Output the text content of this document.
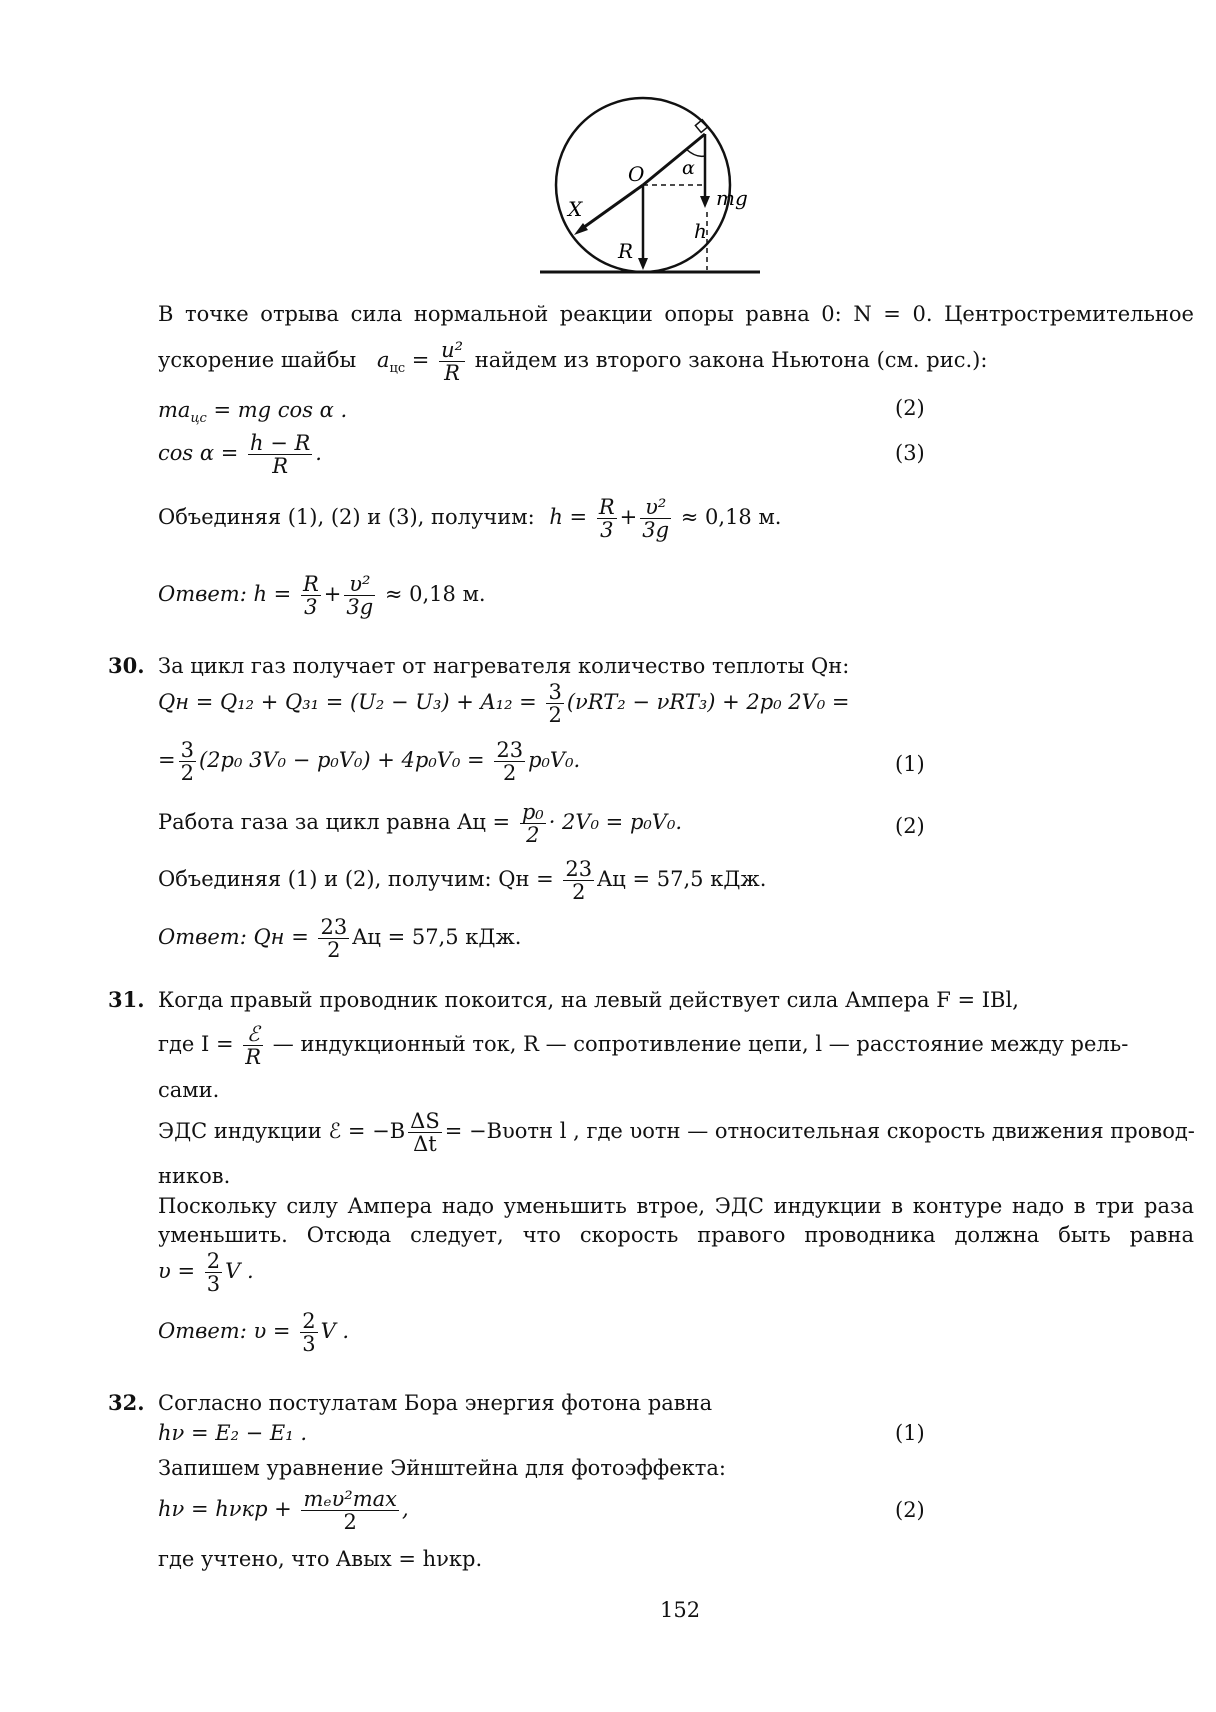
O α
X	mg
h
R
В точке отрыва сила нормальной реакции опоры равна 0: N = 0. Центростремительное
ускорение шайбы $a_{цс} = \frac{\text{u²}}{R}$ найдем из второго закона Ньютона (см. рис.):
$ma_{цс}$ = mg cos α .	(2)
$\cos \alpha = \frac{h - R}{R}$ .	(3)
Объединяя (1), (2) и (3), получим: $h = \frac{R}{3} + \frac{\text{υ²}}{3g} \approx 0,18$ м.
Ответ: $h = \frac{R}{3} + \frac{\text{υ²}}{3g} \approx 0,18$ м.
30. За цикл газ получает от нагревателя количество теплоты Qн:
Qн = $Q_{12} + Q_{31} = (U_2 - U_3) + A_{12} = \frac{3}{2} (\nu RT_2 - \nu RT_3) + 2p_0$ 2V₀ =
= $\frac{3}{2} (2p_0$ $3V_0 - p_0V_0) + 4p_0V_0 = \frac{23}{2} p_0V_0$.	(1)
Работа газа за цикл равна Aц = $\frac{\text{p₀}}{2} \cdot 2V_0 = p_0V_0$.	(2)
Объединяя (1) и (2), получим: Qн = $\frac{23}{2}$ Aц = 57,5 кДж.
Ответ: Qн = $\frac{23}{2}$ Aц = 57,5 кДж.
31. Когда правый проводник покоится, на левый действует сила Ампера F = IBl,
где $I = \frac{\text{ℰ}}{R}$ — индукционный ток, R — сопротивление цепи, l — расстояние между рель-
сами.
ЭДС индукции ℰ = $-B \frac{\Delta S}{\Delta t} = -B\upsilon отн$ l , где υотн — относительная скорость движения провод-
ников.
Поскольку силу Ампера надо уменьшить втрое, ЭДС индукции в контуре надо в три раза
уменьшить. Отсюда следует, что скорость правого проводника должна быть равна
$\upsilon = \frac{2}{3}$ V .
Ответ: $\upsilon = \frac{2}{3}$ V .
32. Согласно постулатам Бора энергия фотона равна
hν = E₂ − E₁ .	(1)
Запишем уравнение Эйнштейна для фотоэффекта:
$h\nu = h\nu кр + \frac{\text{mₑυ²max}}{2}$ ,	(2)
где учтено, что Aвых = hνкр.
152
